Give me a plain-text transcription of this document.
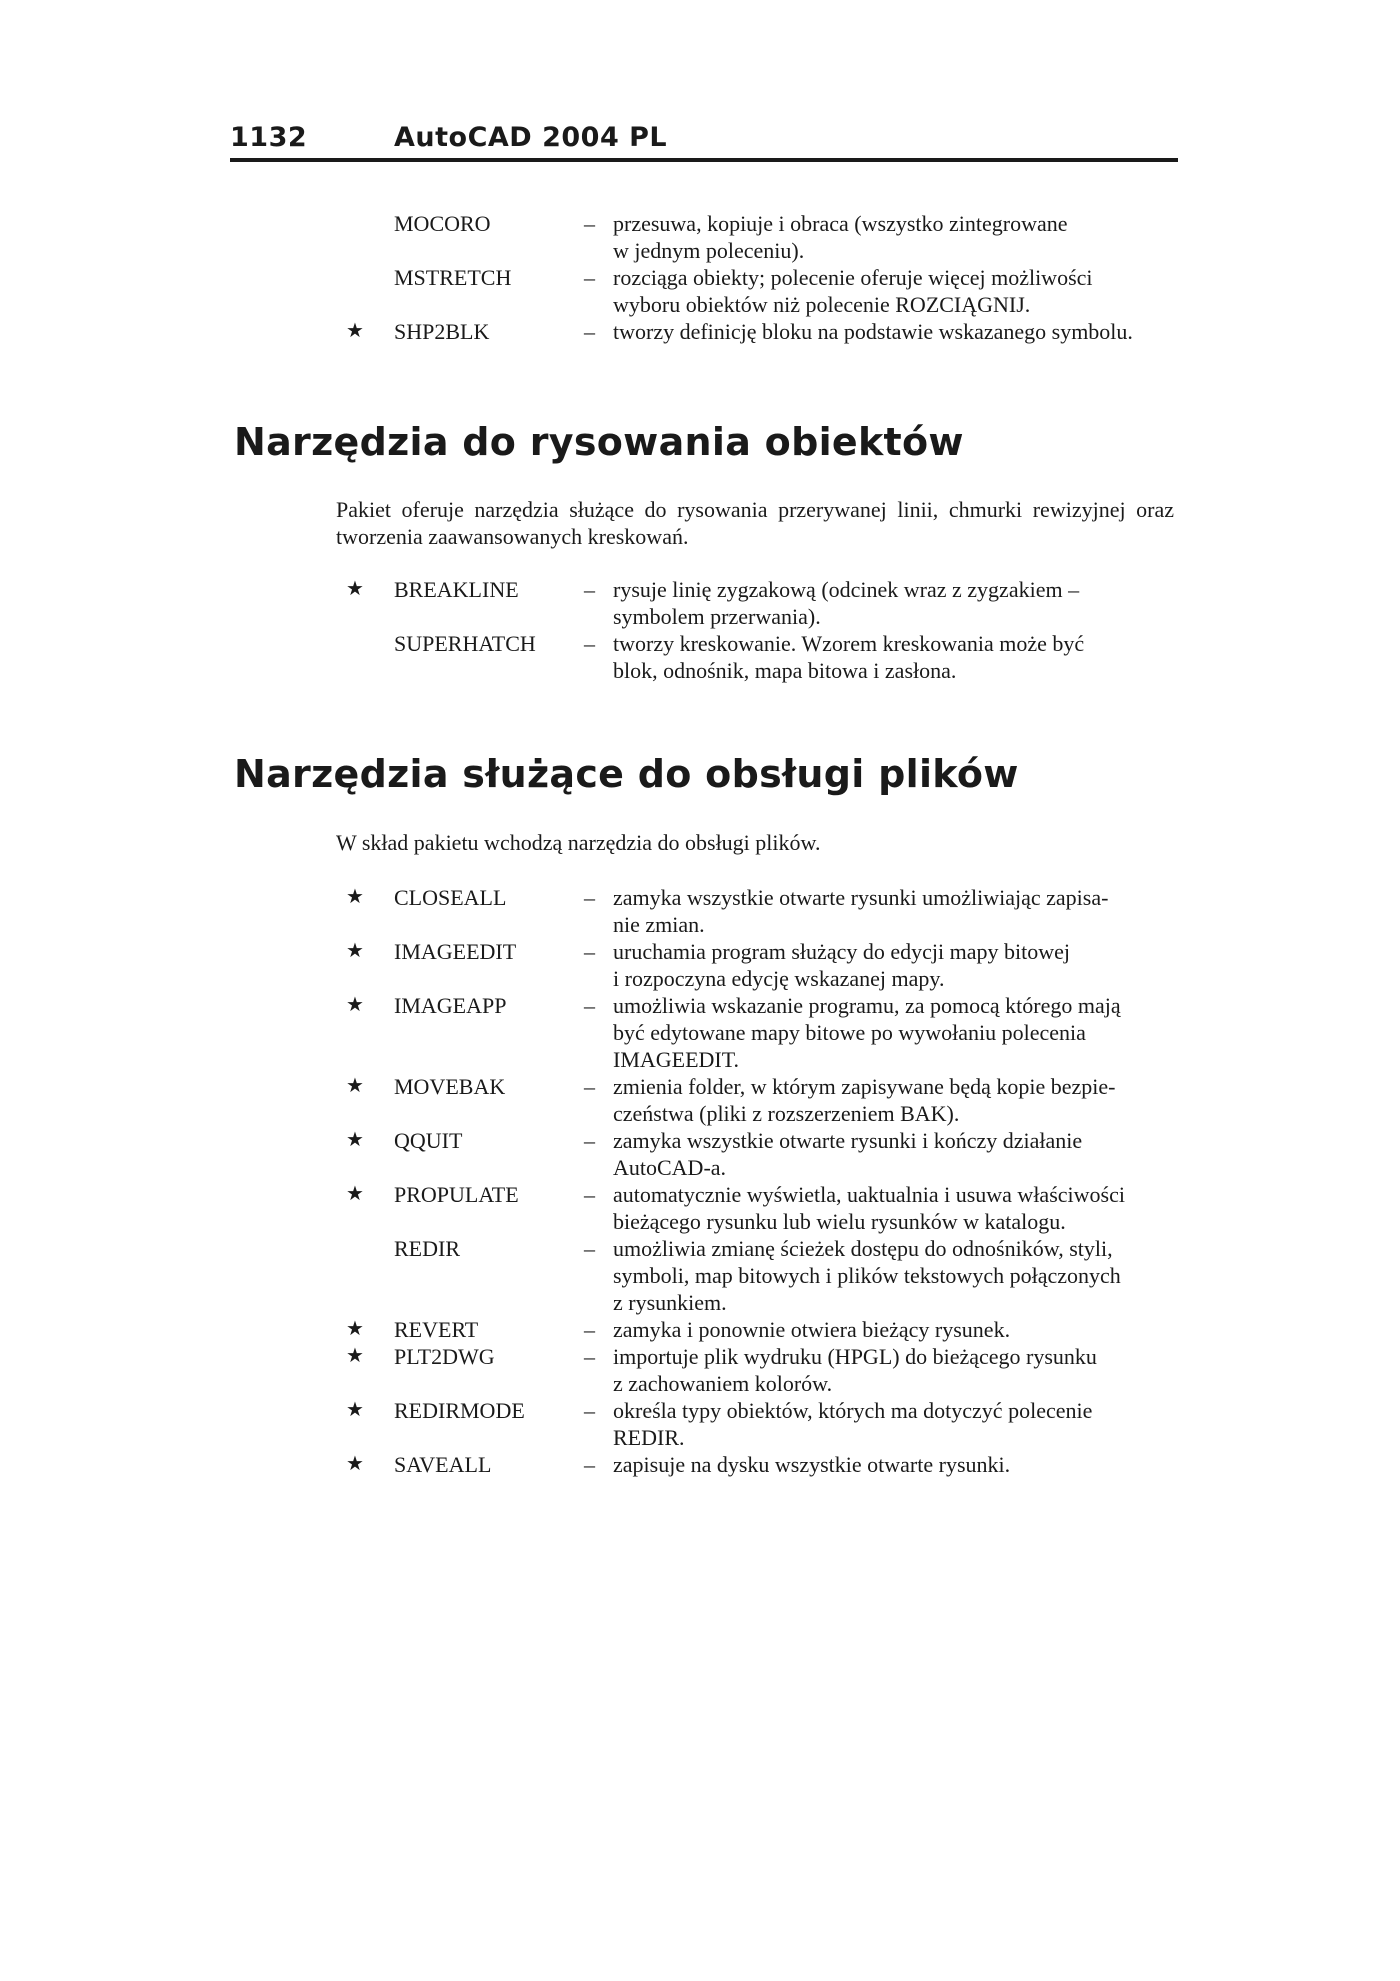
1132	AutoCAD 2004 PL
MOCORO	– przesuwa, kopiuje i obraca (wszystko zintegrowane
w jednym poleceniu).
MSTRETCH	– rozciąga obiekty; polecenie oferuje więcej możliwości
wyboru obiektów niż polecenie ROZCIĄGNIJ.
★ SHP2BLK	– tworzy definicję bloku na podstawie wskazanego symbolu.
Narzędzia do rysowania obiektów

Pakiet oferuje narzędzia służące do rysowania przerywanej linii, chmurki rewizyjnej oraz tworzenia zaawansowanych kreskowań.

★ BREAKLINE	– rysuje linię zygzakową (odcinek wraz z zygzakiem –
symbolem przerwania).
SUPERHATCH – tworzy kreskowanie. Wzorem kreskowania może być
blok, odnośnik, mapa bitowa i zasłona.
Narzędzia służące do obsługi plików

W skład pakietu wchodzą narzędzia do obsługi plików.

★ CLOSEALL	– zamyka wszystkie otwarte rysunki umożliwiając zapisa-
nie zmian.
★ IMAGEEDIT	– uruchamia program służący do edycji mapy bitowej
i rozpoczyna edycję wskazanej mapy.
★ IMAGEAPP	– umożliwia wskazanie programu, za pomocą którego mają
być edytowane mapy bitowe po wywołaniu polecenia
IMAGEEDIT.
★ MOVEBAK	– zmienia folder, w którym zapisywane będą kopie bezpie-
czeństwa (pliki z rozszerzeniem BAK).
★ QQUIT	– zamyka wszystkie otwarte rysunki i kończy działanie
AutoCAD-a.
★ PROPULATE	– automatycznie wyświetla, uaktualnia i usuwa właściwości
bieżącego rysunku lub wielu rysunków w katalogu.
REDIR	– umożliwia zmianę ścieżek dostępu do odnośników, styli,
symboli, map bitowych i plików tekstowych połączonych
z rysunkiem.
★ REVERT	– zamyka i ponownie otwiera bieżący rysunek.
★ PLT2DWG	– importuje plik wydruku (HPGL) do bieżącego rysunku
z zachowaniem kolorów.
★ REDIRMODE	– określa typy obiektów, których ma dotyczyć polecenie
REDIR.
★ SAVEALL	– zapisuje na dysku wszystkie otwarte rysunki.
